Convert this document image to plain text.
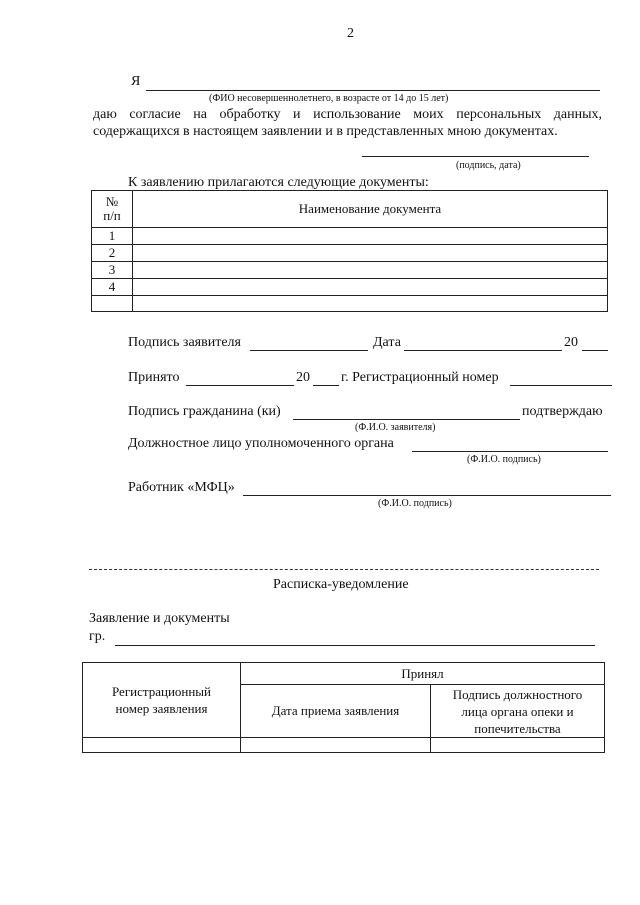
2
Я
(ФИО несовершеннолетнего, в возрасте от 14 до 15 лет)
даю согласие на обработку и использование моих персональных данных,
содержащихся в настоящем заявлении и в представленных мною документах.
(подпись, дата)
К заявлению прилагаются следующие документы:
№
п/п	Наименование документа
1	
2	
3	
4	

Подпись заявителя	Дата	20
Принято	20 г. Регистрационный номер
Подпись гражданина (ки)	подтверждаю
(Ф.И.О. заявителя)
Должностное лицо уполномоченного органа
(Ф.И.О. подпись)
Работник «МФЦ»
(Ф.И.О. подпись)
Расписка-уведомление
Заявление и документы
гр.
Регистрационный
номер заявления	Принял	
	Дата приема заявления	Подпись должностного
лица органа опеки и
попечительства
